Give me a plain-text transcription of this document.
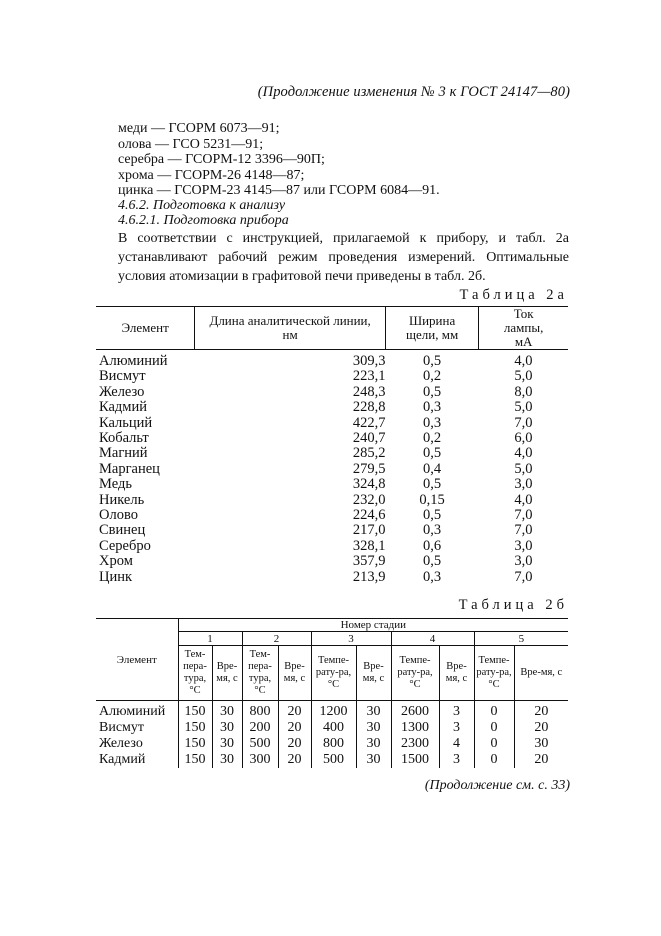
(Продолжение изменения № 3 к ГОСТ 24147—80)
меди — ГСОРМ 6073—91;
олова — ГСО 5231—91;
серебра — ГСОРМ-12 3396—90П;
хрома — ГСОРМ-26 4148—87;
цинка — ГСОРМ-23 4145—87 или ГСОРМ 6084—91.
4.6.2. Подготовка к анализу
4.6.2.1. Подготовка прибора
В соответствии с инструкцией, прилагаемой к прибору, и табл. 2а устанавливают рабочий режим проведения измерений. Оптимальные условия атомизации в графитовой печи приведены в табл. 2б.
Таблица 2а
Элемент	Длина аналитической линии, нм	Ширина щели, мм	Ток лампы, мА
Алюминий	309,3	0,5	4,0
Висмут	223,1	0,2	5,0
Железо	248,3	0,5	8,0
Кадмий	228,8	0,3	5,0
Кальций	422,7	0,3	7,0
Кобальт	240,7	0,2	6,0
Магний	285,2	0,5	4,0
Марганец	279,5	0,4	5,0
Медь	324,8	0,5	3,0
Никель	232,0	0,15	4,0
Олово	224,6	0,5	7,0
Свинец	217,0	0,3	7,0
Серебро	328,1	0,6	3,0
Хром	357,9	0,5	3,0
Цинк	213,9	0,3	7,0
Таблица 2б
Элемент	Номер стадии									
	1		2		3		4		5	
	Тем-пера-тура, °С	Вре-мя, с	Тем-пера-тура, °С	Вре-мя, с	Темпе-рату-ра, °С	Вре-мя, с	Темпе-рату-ра, °С	Вре-мя, с	Темпе-рату-ра, °С	Вре-мя, с
Алюминий	150	30	800	20	1200	30	2600	3	0	20
Висмут	150	30	200	20	400	30	1300	3	0	20
Железо	150	30	500	20	800	30	2300	4	0	30
Кадмий	150	30	300	20	500	30	1500	3	0	20
(Продолжение см. с. 33)
